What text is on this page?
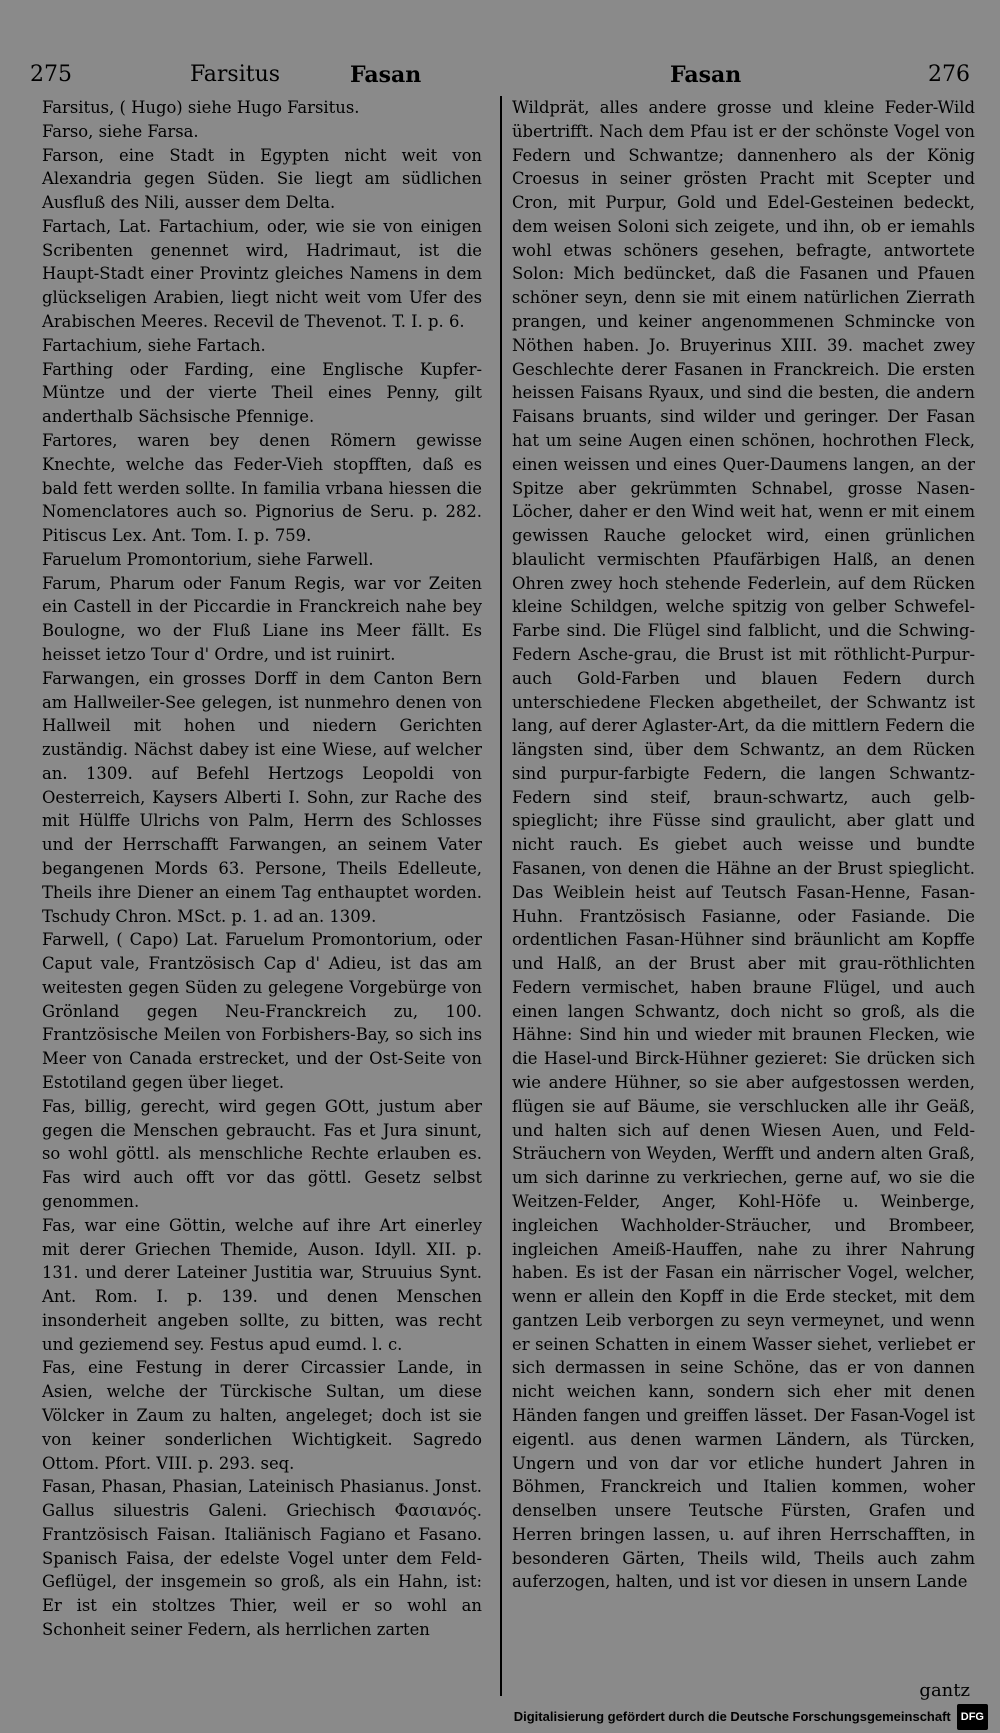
275	Farsitus	Fasan	Fasan	276

Farsitus, ( Hugo) siehe Hugo Farsitus.

Farso, siehe Farsa.

Farson, eine Stadt in Egypten nicht weit von Alexandria gegen Süden. Sie liegt am südlichen Ausfluß des Nili, ausser dem Delta.

Fartach, Lat. Fartachium, oder, wie sie von einigen Scribenten genennet wird, Hadrimaut, ist die Haupt-Stadt einer Provintz gleiches Namens in dem glückseligen Arabien, liegt nicht weit vom Ufer des Arabischen Meeres. Recevil de Thevenot. T. I. p. 6.

Fartachium, siehe Fartach.

Farthing oder Farding, eine Englische Kupfer-Müntze und der vierte Theil eines Penny, gilt anderthalb Sächsische Pfennige.

Fartores, waren bey denen Römern gewisse Knechte, welche das Feder-Vieh stopfften, daß es bald fett werden sollte. In familia vrbana hiessen die Nomenclatores auch so. Pignorius de Seru. p. 282. Pitiscus Lex. Ant. Tom. I. p. 759.

Faruelum Promontorium, siehe Farwell.

Farum, Pharum oder Fanum Regis, war vor Zeiten ein Castell in der Piccardie in Franckreich nahe bey Boulogne, wo der Fluß Liane ins Meer fällt. Es heisset ietzo Tour d' Ordre, und ist ruinirt.

Farwangen, ein grosses Dorff in dem Canton Bern am Hallweiler-See gelegen, ist nunmehro denen von Hallweil mit hohen und niedern Gerichten zuständig. Nächst dabey ist eine Wiese, auf welcher an. 1309. auf Befehl Hertzogs Leopoldi von Oesterreich, Kaysers Alberti I. Sohn, zur Rache des mit Hülffe Ulrichs von Palm, Herrn des Schlosses und der Herrschafft Farwangen, an seinem Vater begangenen Mords 63. Persone, Theils Edelleute, Theils ihre Diener an einem Tag enthauptet worden. Tschudy Chron. MSct. p. 1. ad an. 1309.

Farwell, ( Capo) Lat. Faruelum Promontorium, oder Caput vale, Frantzösisch Cap d' Adieu, ist das am weitesten gegen Süden zu gelegene Vorgebürge von Grönland gegen Neu-Franckreich zu, 100. Frantzösische Meilen von Forbishers-Bay, so sich ins Meer von Canada erstrecket, und der Ost-Seite von Estotiland gegen über lieget.

Fas, billig, gerecht, wird gegen GOtt, justum aber gegen die Menschen gebraucht. Fas et Jura sinunt, so wohl göttl. als menschliche Rechte erlauben es. Fas wird auch offt vor das göttl. Gesetz selbst genommen.

Fas, war eine Göttin, welche auf ihre Art einerley mit derer Griechen Themide, Auson. Idyll. XII. p. 131. und derer Lateiner Justitia war, Struuius Synt. Ant. Rom. I. p. 139. und denen Menschen insonderheit angeben sollte, zu bitten, was recht und geziemend sey. Festus apud eumd. l. c.

Fas, eine Festung in derer Circassier Lande, in Asien, welche der Türckische Sultan, um diese Völcker in Zaum zu halten, angeleget; doch ist sie von keiner sonderlichen Wichtigkeit. Sagredo Ottom. Pfort. VIII. p. 293. seq.

Fasan, Phasan, Phasian, Lateinisch Phasianus. Jonst. Gallus siluestris Galeni. Griechisch Φασιανός. Frantzösisch Faisan. Italiänisch Fagiano et Fasano. Spanisch Faisa, der edelste Vogel unter dem Feld-Geflügel, der insgemein so groß, als ein Hahn, ist: Er ist ein stoltzes Thier, weil er so wohl an Schonheit seiner Federn, als herrlichen zarten

Wildprät, alles andere grosse und kleine Feder-Wild übertrifft. Nach dem Pfau ist er der schönste Vogel von Federn und Schwantze; dannenhero als der König Croesus in seiner grösten Pracht mit Scepter und Cron, mit Purpur, Gold und Edel-Gesteinen bedeckt, dem weisen Soloni sich zeigete, und ihn, ob er iemahls wohl etwas schöners gesehen, befragte, antwortete Solon: Mich bedüncket, daß die Fasanen und Pfauen schöner seyn, denn sie mit einem natürlichen Zierrath prangen, und keiner angenommenen Schmincke von Nöthen haben. Jo. Bruyerinus XIII. 39. machet zwey Geschlechte derer Fasanen in Franckreich. Die ersten heissen Faisans Ryaux, und sind die besten, die andern Faisans bruants, sind wilder und geringer. Der Fasan hat um seine Augen einen schönen, hochrothen Fleck, einen weissen und eines Quer-Daumens langen, an der Spitze aber gekrümmten Schnabel, grosse Nasen-Löcher, daher er den Wind weit hat, wenn er mit einem gewissen Rauche gelocket wird, einen grünlichen blaulicht vermischten Pfaufärbigen Halß, an denen Ohren zwey hoch stehende Federlein, auf dem Rücken kleine Schildgen, welche spitzig von gelber Schwefel-Farbe sind. Die Flügel sind falblicht, und die Schwing-Federn Asche-grau, die Brust ist mit röthlicht-Purpur-auch Gold-Farben und blauen Federn durch unterschiedene Flecken abgetheilet, der Schwantz ist lang, auf derer Aglaster-Art, da die mittlern Federn die längsten sind, über dem Schwantz, an dem Rücken sind purpur-farbigte Federn, die langen Schwantz-Federn sind steif, braun-schwartz, auch gelb-spieglicht; ihre Füsse sind graulicht, aber glatt und nicht rauch. Es giebet auch weisse und bundte Fasanen, von denen die Hähne an der Brust spieglicht. Das Weiblein heist auf Teutsch Fasan-Henne, Fasan-Huhn. Frantzösisch Fasianne, oder Fasiande. Die ordentlichen Fasan-Hühner sind bräunlicht am Kopffe und Halß, an der Brust aber mit grau-röthlichten Federn vermischet, haben braune Flügel, und auch einen langen Schwantz, doch nicht so groß, als die Hähne: Sind hin und wieder mit braunen Flecken, wie die Hasel-und Birck-Hühner gezieret: Sie drücken sich wie andere Hühner, so sie aber aufgestossen werden, flügen sie auf Bäume, sie verschlucken alle ihr Geäß, und halten sich auf denen Wiesen Auen, und Feld-Sträuchern von Weyden, Werfft und andern alten Graß, um sich darinne zu verkriechen, gerne auf, wo sie die Weitzen-Felder, Anger, Kohl-Höfe u. Weinberge, ingleichen Wachholder-Sträucher, und Brombeer, ingleichen Ameiß-Hauffen, nahe zu ihrer Nahrung haben. Es ist der Fasan ein närrischer Vogel, welcher, wenn er allein den Kopff in die Erde stecket, mit dem gantzen Leib verborgen zu seyn vermeynet, und wenn er seinen Schatten in einem Wasser siehet, verliebet er sich dermassen in seine Schöne, das er von dannen nicht weichen kann, sondern sich eher mit denen Händen fangen und greiffen lässet. Der Fasan-Vogel ist eigentl. aus denen warmen Ländern, als Türcken, Ungern und von dar vor etliche hundert Jahren in Böhmen, Franckreich und Italien kommen, woher denselben unsere Teutsche Fürsten, Grafen und Herren bringen lassen, u. auf ihren Herrschafften, in besonderen Gärten, Theils wild, Theils auch zahm auferzogen, halten, und ist vor diesen in unsern Lande

gantz
Digitalisierung gefördert durch die Deutsche Forschungsgemeinschaft DFG
